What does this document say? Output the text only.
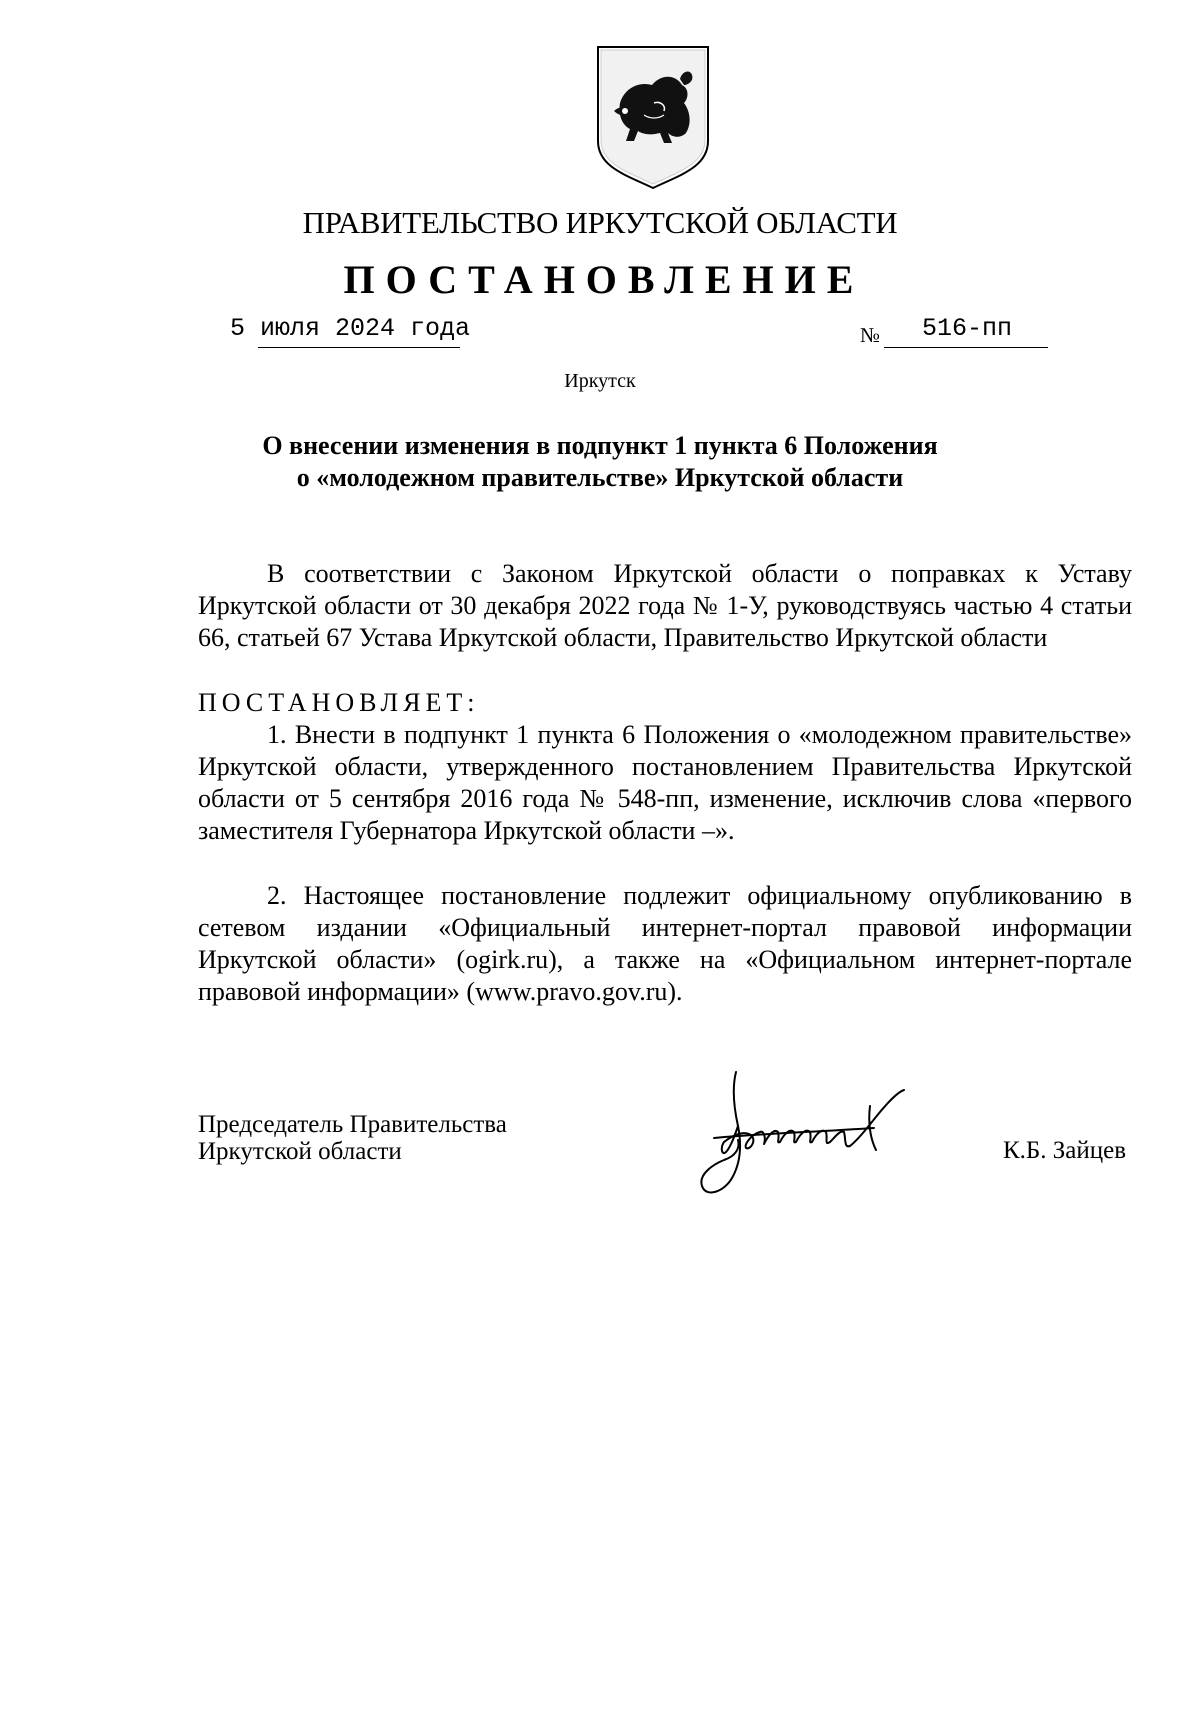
ПРАВИТЕЛЬСТВО ИРКУТСКОЙ ОБЛАСТИ
ПОСТАНОВЛЕНИЕ
5 июля 2024 года	№ 516-пп
Иркутск
О внесении изменения в подпункт 1 пункта 6 Положения
о «молодежном правительстве» Иркутской области

В соответствии с Законом Иркутской области о поправках к Уставу Иркутской области от 30 декабря 2022 года № 1-У, руководствуясь частью 4 статьи 66, статьей 67 Устава Иркутской области, Правительство Иркутской области

ПОСТАНОВЛЯЕТ:

1. Внести в подпункт 1 пункта 6 Положения о «молодежном правительстве» Иркутской области, утвержденного постановлением Правительства Иркутской области от 5 сентября 2016 года № 548-пп, изменение, исключив слова «первого заместителя Губернатора Иркутской области –».

2. Настоящее постановление подлежит официальному опубликованию в сетевом издании «Официальный интернет-портал правовой информации Иркутской области» (ogirk.ru), а также на «Официальном интернет-портале правовой информации» (www.pravo.gov.ru).

Председатель Правительства
Иркутской области	К.Б. Зайцев
